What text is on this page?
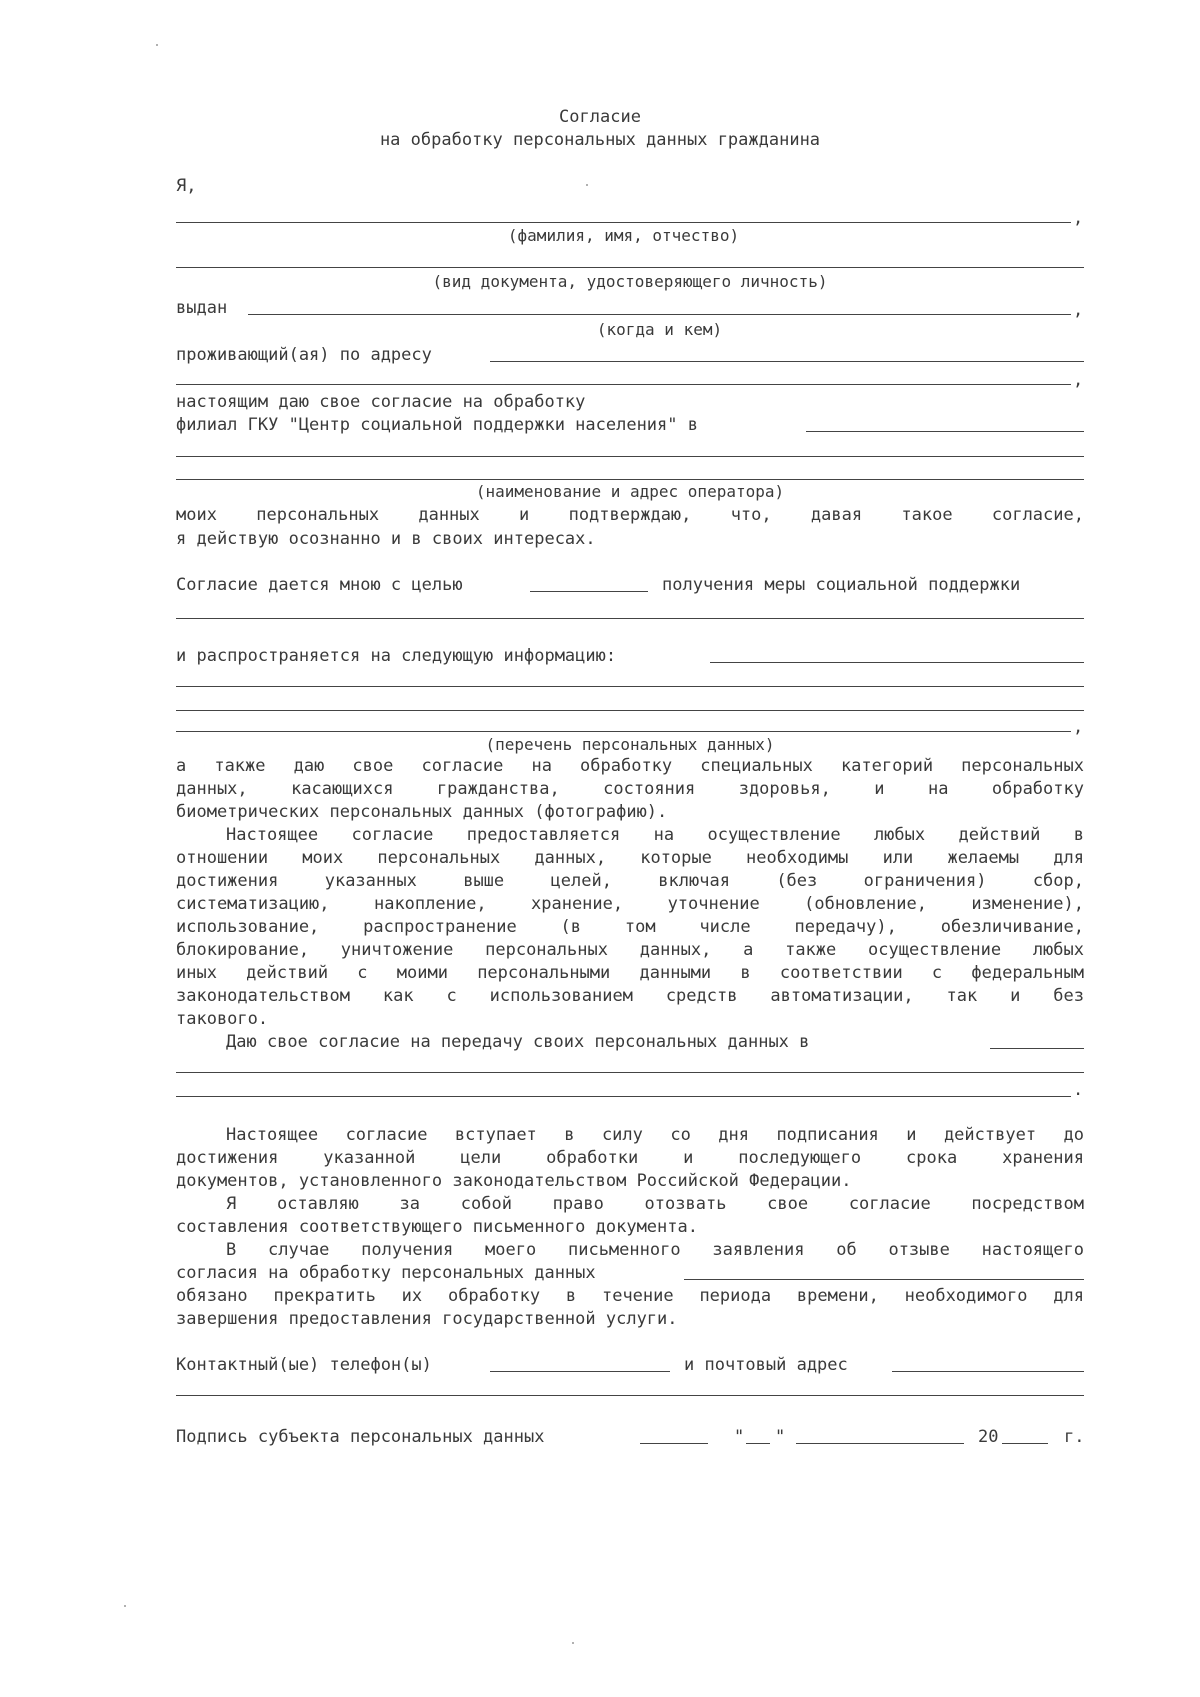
Согласие
на обработку персональных данных гражданина
Я,
,
(фамилия, имя, отчество)
(вид документа, удостоверяющего личность)
выдан	,
(когда и кем)
проживающий(ая) по адресу
,
настоящим даю свое согласие на обработку
филиал ГКУ "Центр социальной поддержки населения" в
(наименование и адрес оператора)
моих персональных данных и подтверждаю, что, давая такое согласие,
я действую осознанно и в своих интересах.
Согласие дается мною с целью	получения меры социальной поддержки
и распространяется на следующую информацию:
,
(перечень персональных данных)
а также даю свое согласие на обработку специальных категорий персональных
данных, касающихся гражданства, состояния здоровья, и на обработку
биометрических персональных данных (фотографию).
Настоящее согласие предоставляется на осуществление любых действий в
отношении моих персональных данных, которые необходимы или желаемы для
достижения указанных выше целей, включая (без ограничения) сбор,
систематизацию, накопление, хранение, уточнение (обновление, изменение),
использование, распространение (в том числе передачу), обезличивание,
блокирование, уничтожение персональных данных, а также осуществление любых
иных действий с моими персональными данными в соответствии с федеральным
законодательством как с использованием средств автоматизации, так и без
такового.
Даю свое согласие на передачу своих персональных данных в
.
Настоящее согласие вступает в силу со дня подписания и действует до
достижения указанной цели обработки и последующего срока хранения
документов, установленного законодательством Российской Федерации.
Я оставляю за собой право отозвать свое согласие посредством
составления соответствующего письменного документа.
В случае получения моего письменного заявления об отзыве настоящего
согласия на обработку персональных данных
обязано прекратить их обработку в течение периода времени, необходимого для
завершения предоставления государственной услуги.
Контактный(ые) телефон(ы)	и почтовый адрес
Подпись субъекта персональных данных	"   "	20	г.
